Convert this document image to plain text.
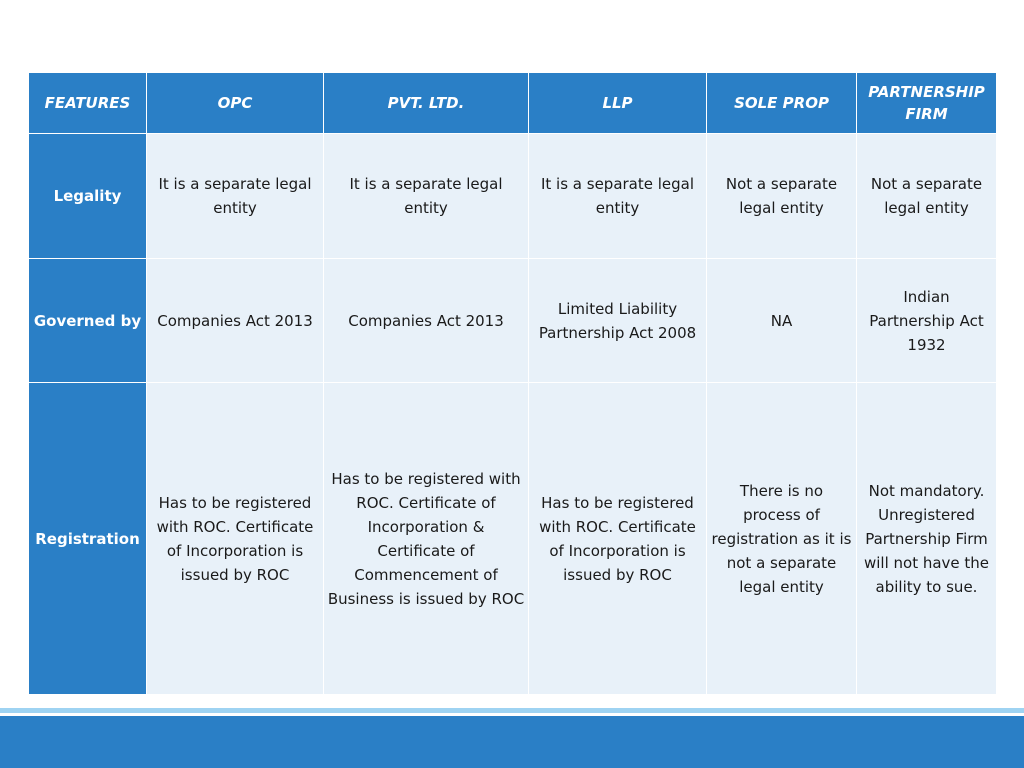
FEATURES	OPC	PVT. LTD.	LLP	SOLE PROP	PARTNERSHIP FIRM
Legality	It is a separate legal entity	It is a separate legal entity	It is a separate legal entity	Not a separate legal entity	Not a separate legal entity
Governed by	Companies Act 2013	Companies Act 2013	Limited Liability Partnership Act 2008	NA	Indian Partnership Act 1932
Registration	Has to be registered with ROC. Certificate of Incorporation is issued by ROC	Has to be registered with ROC. Certificate of Incorporation & Certificate of Commencement of Business is issued by ROC	Has to be registered with ROC. Certificate of Incorporation is issued by ROC	There is no process of registration as it is not a separate legal entity	Not mandatory. Unregistered Partnership Firm will not have the ability to sue.
